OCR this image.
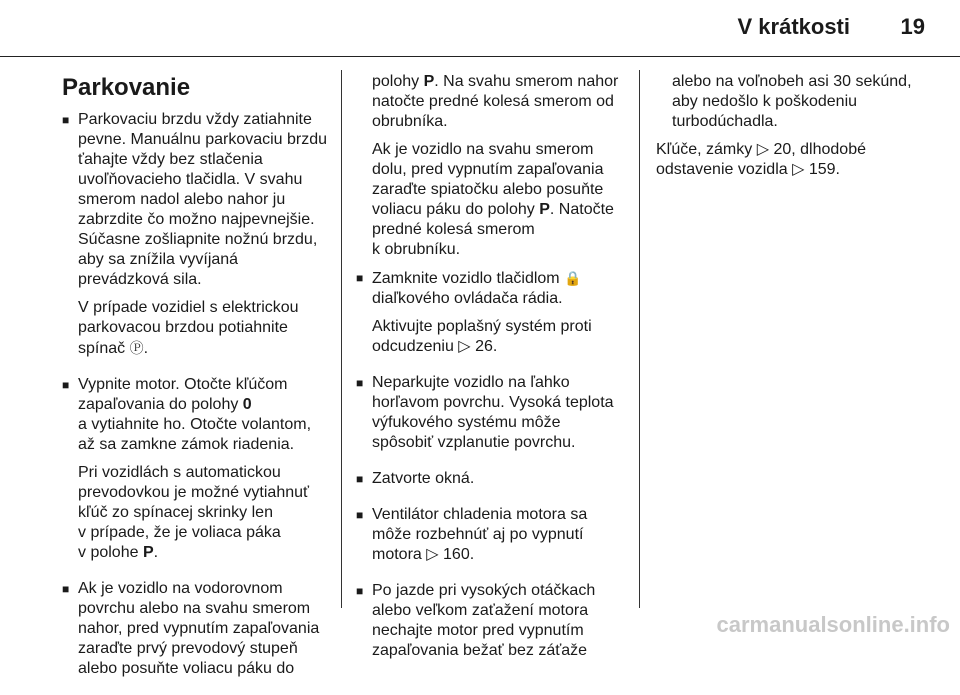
V krátkosti	19
Parkovanie
■ Parkovaciu brzdu vždy zatiahnite
pevne. Manuálnu parkovaciu brzdu
ťahajte vždy bez stlačenia
uvoľňovacieho tlačidla. V svahu
smerom nadol alebo nahor ju
zabrzdite čo možno najpevnejšie.
Súčasne zošliapnite nožnú brzdu,
aby sa znížila vyvíjaná
prevádzková sila.

V prípade vozidiel s elektrickou
parkovacou brzdou potiahnite
spínač Ⓟ.

■ Vypnite motor. Otočte kľúčom
zapaľovania do polohy 0
a vytiahnite ho. Otočte volantom,
až sa zamkne zámok riadenia.

Pri vozidlách s automatickou
prevodovkou je možné vytiahnuť
kľúč zo spínacej skrinky len
v prípade, že je voliaca páka
v polohe P.

■ Ak je vozidlo na vodorovnom
povrchu alebo na svahu smerom
nahor, pred vypnutím zapaľovania
zaraďte prvý prevodový stupeň
alebo posuňte voliacu páku do

polohy P. Na svahu smerom nahor
natočte predné kolesá smerom od
obrubníka.

Ak je vozidlo na svahu smerom
dolu, pred vypnutím zapaľovania
zaraďte spiatočku alebo posuňte
voliacu páku do polohy P. Natočte
predné kolesá smerom
k obrubníku.

■ Zamknite vozidlo tlačidlom 🔒
diaľkového ovládača rádia.

Aktivujte poplašný systém proti
odcudzeniu ▷ 26.

■ Neparkujte vozidlo na ľahko
horľavom povrchu. Vysoká teplota
výfukového systému môže
spôsobiť vzplanutie povrchu.

■ Zatvorte okná.

■ Ventilátor chladenia motora sa
môže rozbehnúť aj po vypnutí
motora ▷ 160.

■ Po jazde pri vysokých otáčkach
alebo veľkom zaťažení motora
nechajte motor pred vypnutím
zapaľovania bežať bez záťaže

alebo na voľnobeh asi 30 sekúnd,
aby nedošlo k poškodeniu
turbodúchadla.

Kľúče, zámky ▷ 20, dlhodobé
odstavenie vozidla ▷ 159.

carmanualsonline.info
